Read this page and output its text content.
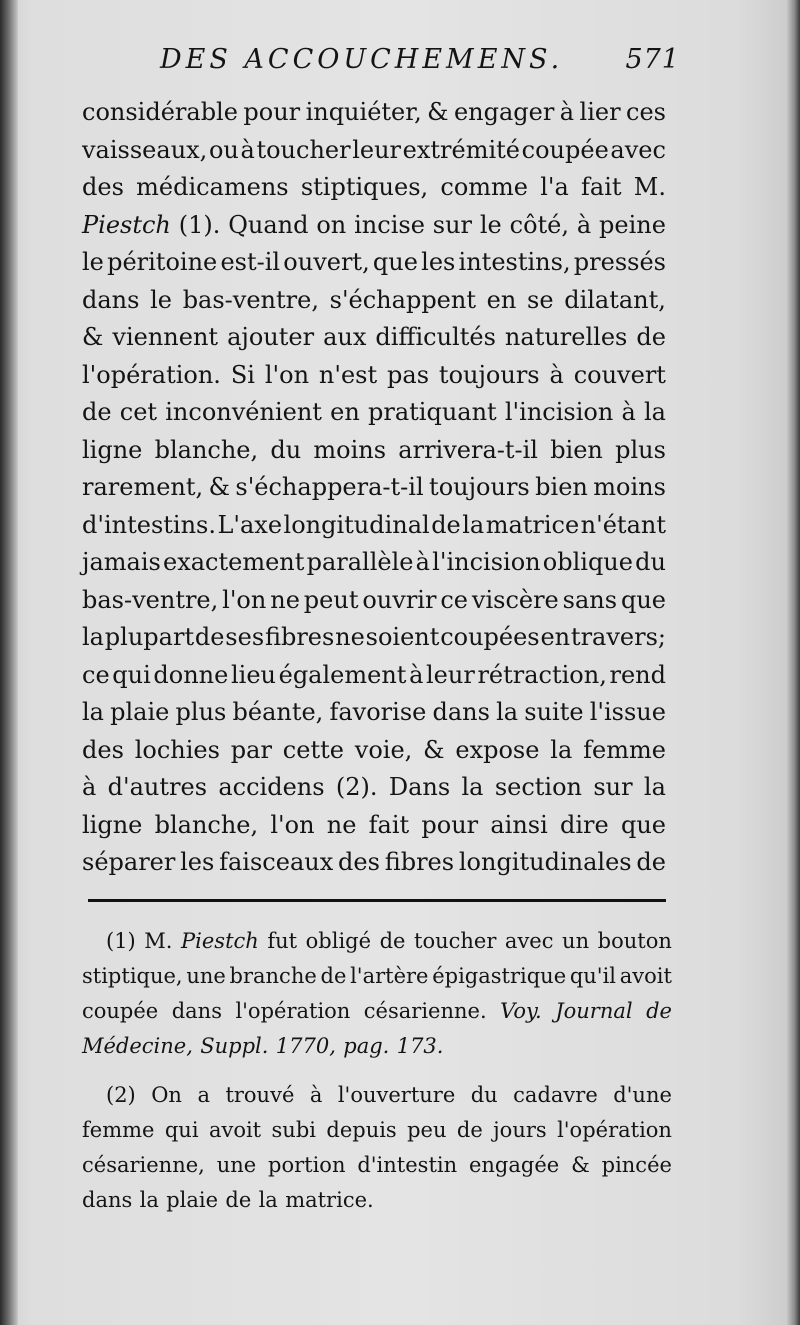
DES ACCOUCHEMENS. 571
considérable pour inquiéter, & engager à lier ces
vaisseaux, ou à toucher leur extrémité coupée avec
des médicamens stiptiques, comme l'a fait M.
Piestch (1). Quand on incise sur le côté, à peine
le péritoine est-il ouvert, que les intestins, pressés
dans le bas-ventre, s'échappent en se dilatant,
& viennent ajouter aux difficultés naturelles de
l'opération. Si l'on n'est pas toujours à couvert
de cet inconvénient en pratiquant l'incision à la
ligne blanche, du moins arrivera-t-il bien plus
rarement, & s'échappera-t-il toujours bien moins
d'intestins. L'axe longitudinal de la matrice n'étant
jamais exactement parallèle à l'incision oblique du
bas-ventre, l'on ne peut ouvrir ce viscère sans que
la plupart de ses fibres ne soient coupées en travers;
ce qui donne lieu également à leur rétraction, rend
la plaie plus béante, favorise dans la suite l'issue
des lochies par cette voie, & expose la femme
à d'autres accidens (2). Dans la section sur la
ligne blanche, l'on ne fait pour ainsi dire que
séparer les faisceaux des fibres longitudinales de
(1) M. Piestch fut obligé de toucher avec un bouton
stiptique, une branche de l'artère épigastrique qu'il avoit
coupée dans l'opération césarienne. Voy. Journal de
Médecine, Suppl. 1770, pag. 173.
(2) On a trouvé à l'ouverture du cadavre d'une
femme qui avoit subi depuis peu de jours l'opération
césarienne, une portion d'intestin engagée & pincée
dans la plaie de la matrice.
